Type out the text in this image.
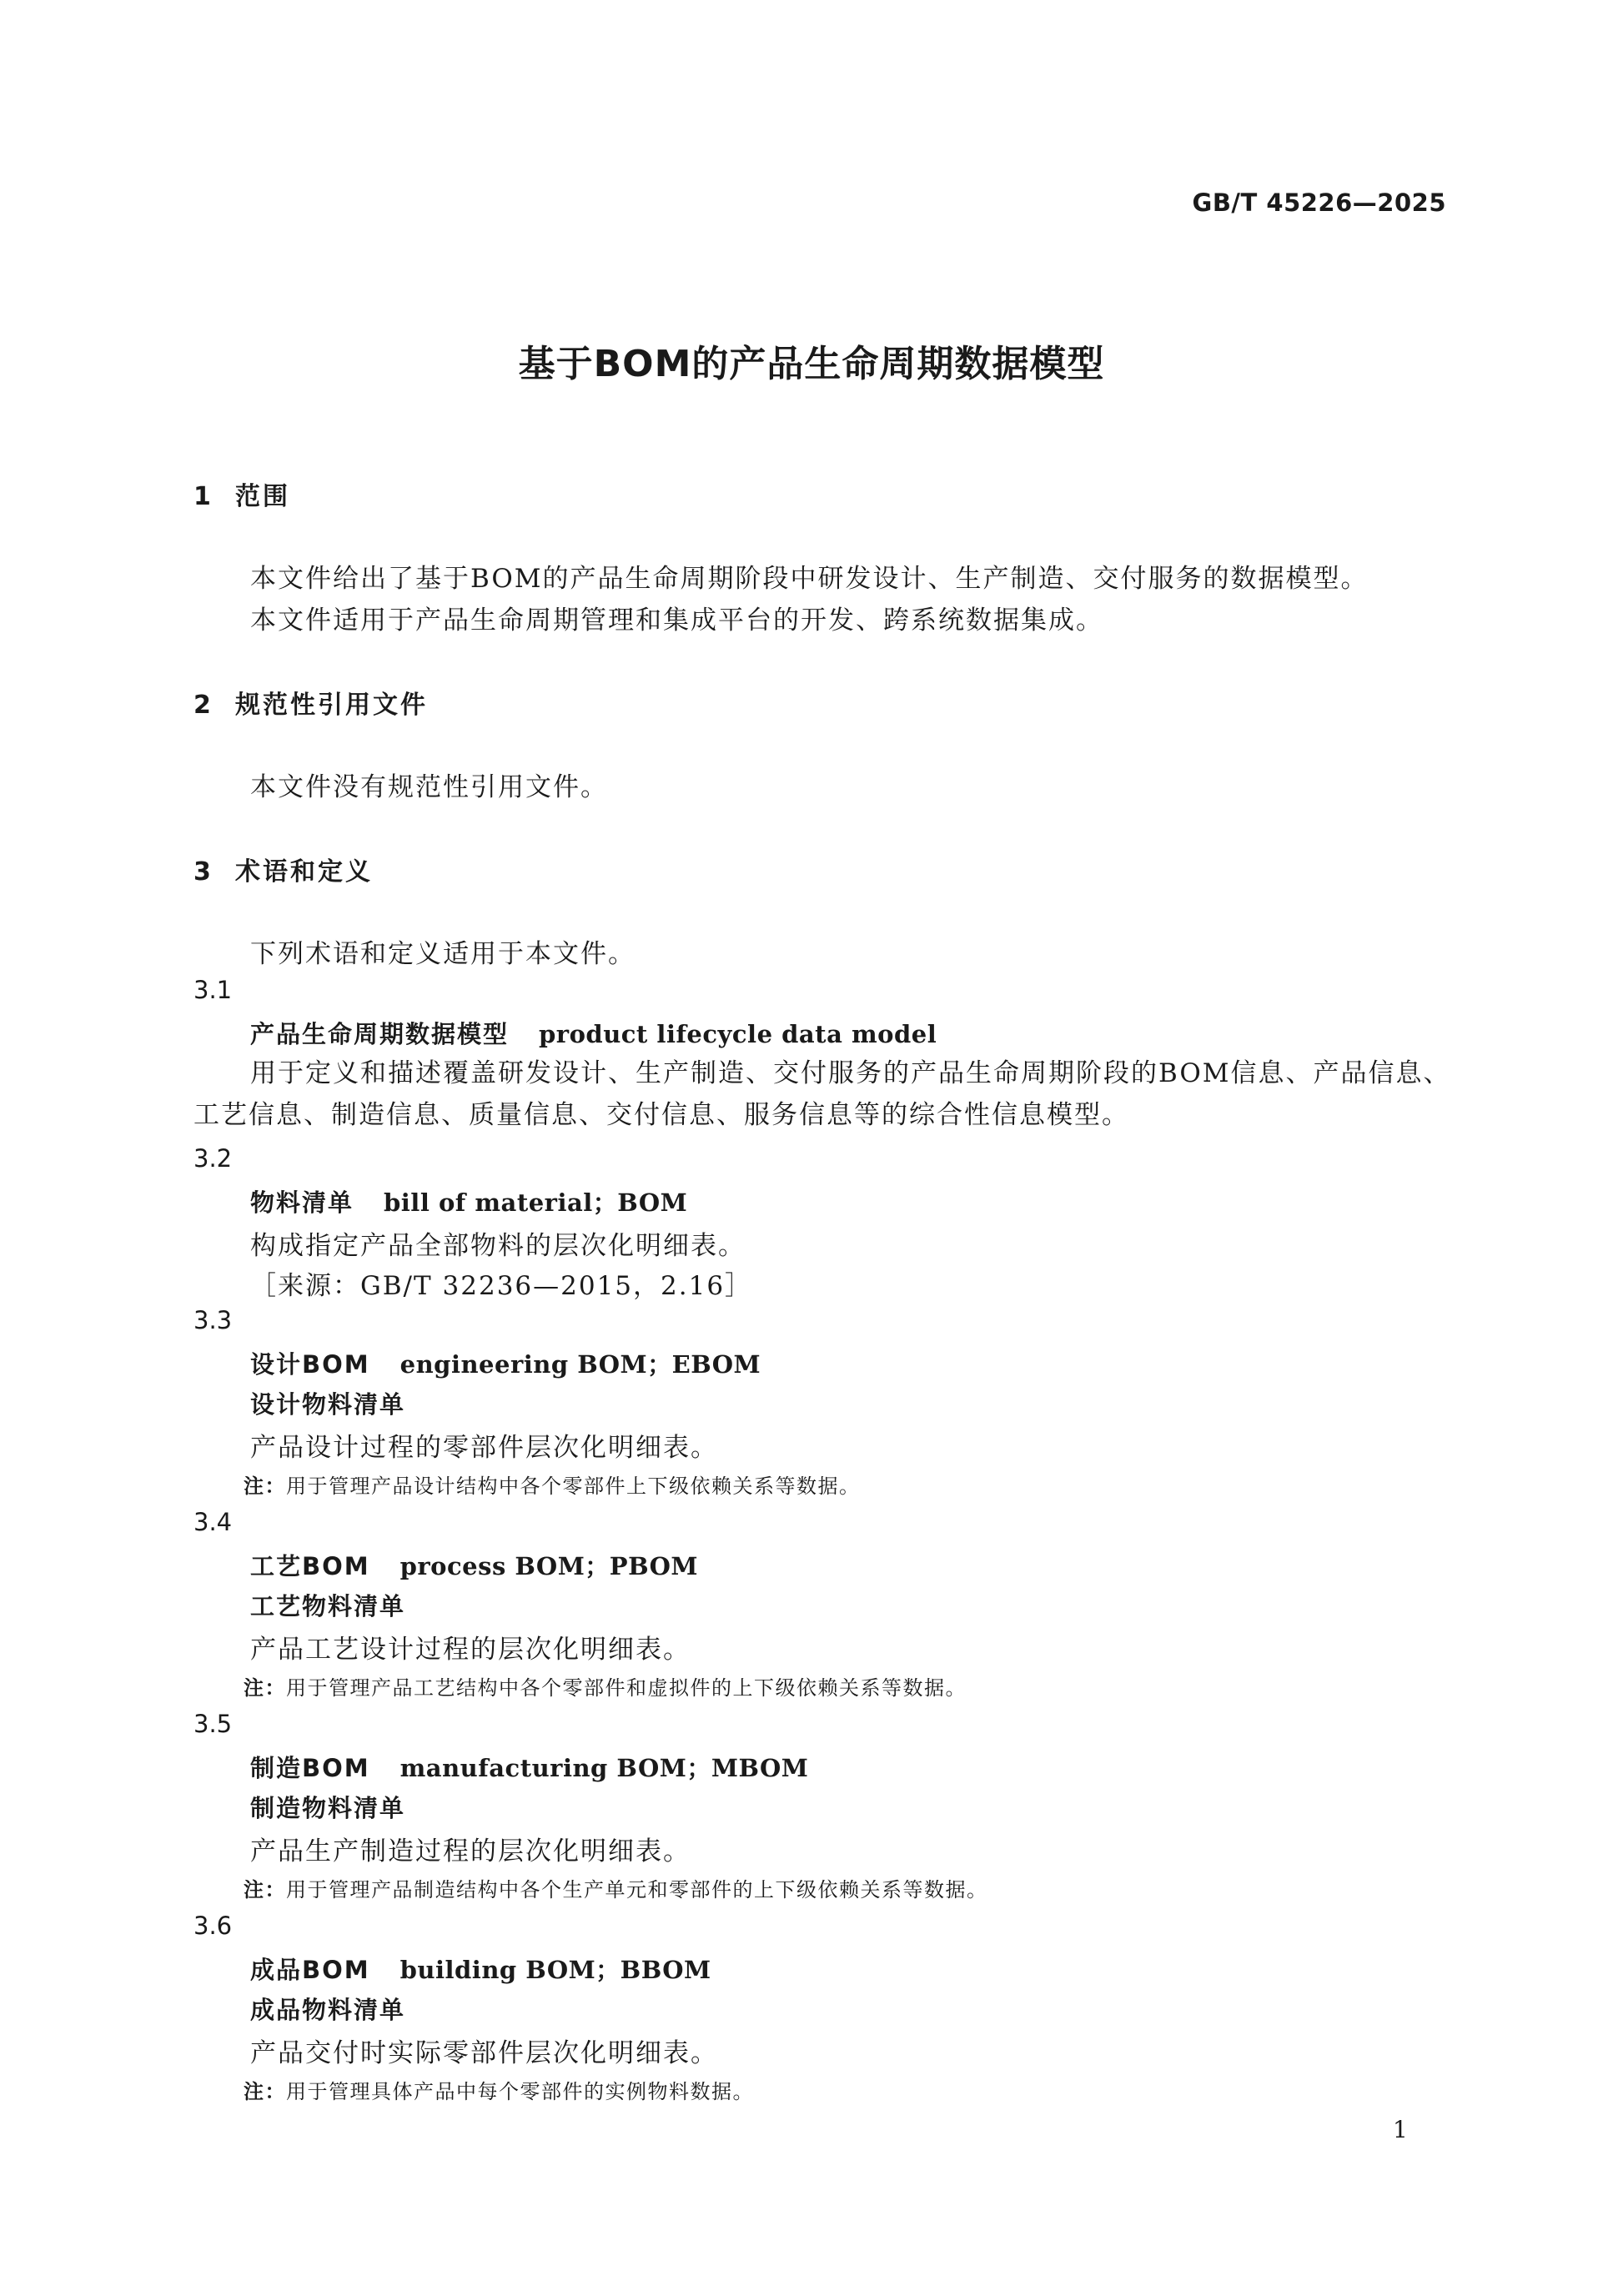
GB/T 45226—2025
基于BOM的产品生命周期数据模型
1 范围
本文件给出了基于BOM的产品生命周期阶段中研发设计、生产制造、交付服务的数据模型。
本文件适用于产品生命周期管理和集成平台的开发、跨系统数据集成。
2 规范性引用文件
本文件没有规范性引用文件。
3 术语和定义
下列术语和定义适用于本文件。
3.1
产品生命周期数据模型 product lifecycle data model
用于定义和描述覆盖研发设计、生产制造、交付服务的产品生命周期阶段的BOM信息、产品信息、工艺信息、制造信息、质量信息、交付信息、服务信息等的综合性信息模型。
3.2
物料清单 bill of material；BOM
构成指定产品全部物料的层次化明细表。
［来源：GB/T 32236—2015，2.16］
3.3
设计BOM engineering BOM；EBOM
设计物料清单
产品设计过程的零部件层次化明细表。
注：用于管理产品设计结构中各个零部件上下级依赖关系等数据。
3.4
工艺BOM process BOM；PBOM
工艺物料清单
产品工艺设计过程的层次化明细表。
注：用于管理产品工艺结构中各个零部件和虚拟件的上下级依赖关系等数据。
3.5
制造BOM manufacturing BOM；MBOM
制造物料清单
产品生产制造过程的层次化明细表。
注：用于管理产品制造结构中各个生产单元和零部件的上下级依赖关系等数据。
3.6
成品BOM building BOM；BBOM
成品物料清单
产品交付时实际零部件层次化明细表。
注：用于管理具体产品中每个零部件的实例物料数据。
1
